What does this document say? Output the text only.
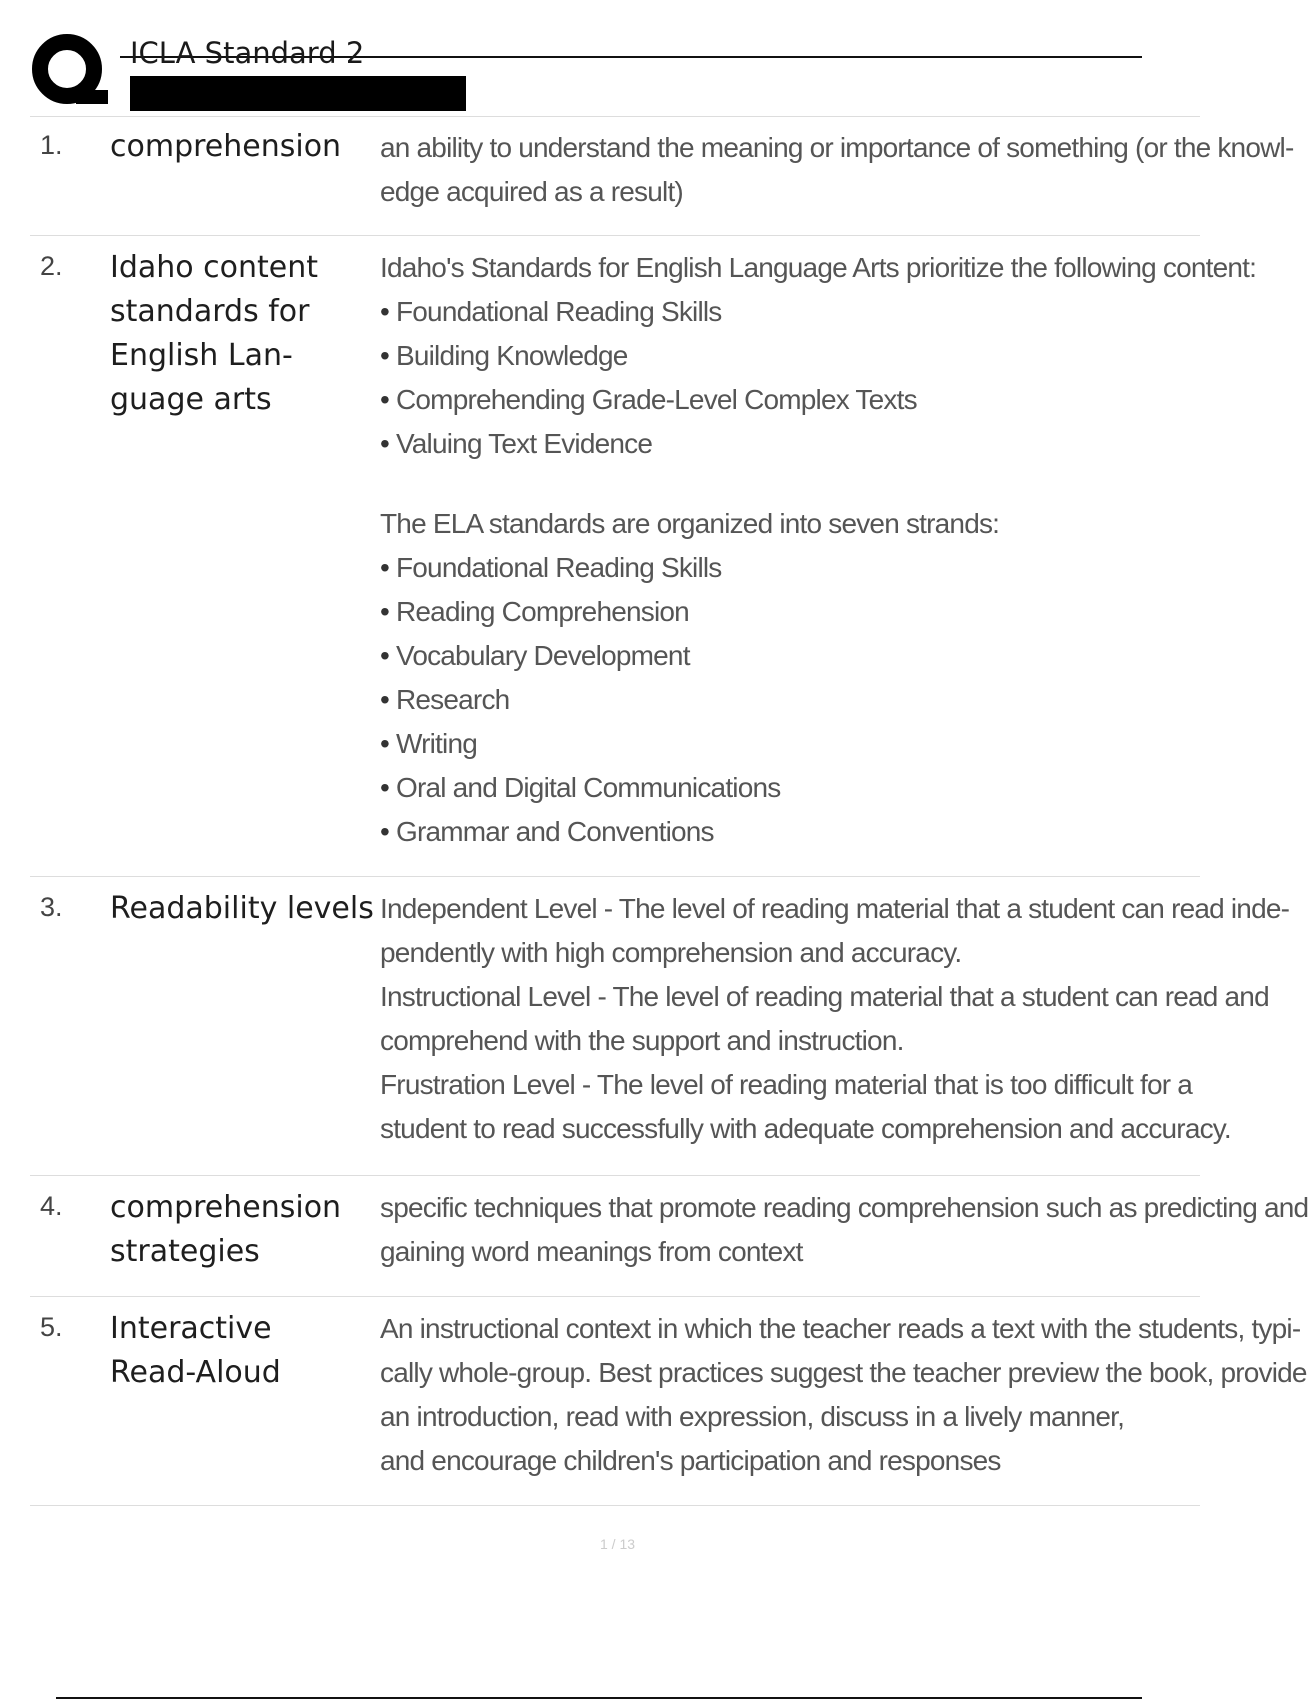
ICLA Standard 2
1. comprehension	an ability to understand the meaning or importance of something (or the knowl-
edge acquired as a result)
2. Idaho content
standards for
English Lan-
guage arts
Idaho's Standards for English Language Arts prioritize the following content:
• Foundational Reading Skills
• Building Knowledge
• Comprehending Grade-Level Complex Texts
• Valuing Text Evidence
The ELA standards are organized into seven strands:
• Foundational Reading Skills
• Reading Comprehension
• Vocabulary Development
• Research
• Writing
• Oral and Digital Communications
• Grammar and Conventions
3. Readability levels Independent Level - The level of reading material that a student can read inde-
pendently with high comprehension and accuracy.
Instructional Level - The level of reading material that a student can read and
comprehend with the support and instruction.
Frustration Level - The level of reading material that is too difficult for a
student to read successfully with adequate comprehension and accuracy.
4. comprehension
strategies
specific techniques that promote reading comprehension such as predicting and
gaining word meanings from context
5. Interactive
Read-Aloud
An instructional context in which the teacher reads a text with the students, typi-
cally whole-group. Best practices suggest the teacher preview the book, provide
an introduction, read with expression, discuss in a lively manner,
and encourage children's participation and responses
1 / 13
